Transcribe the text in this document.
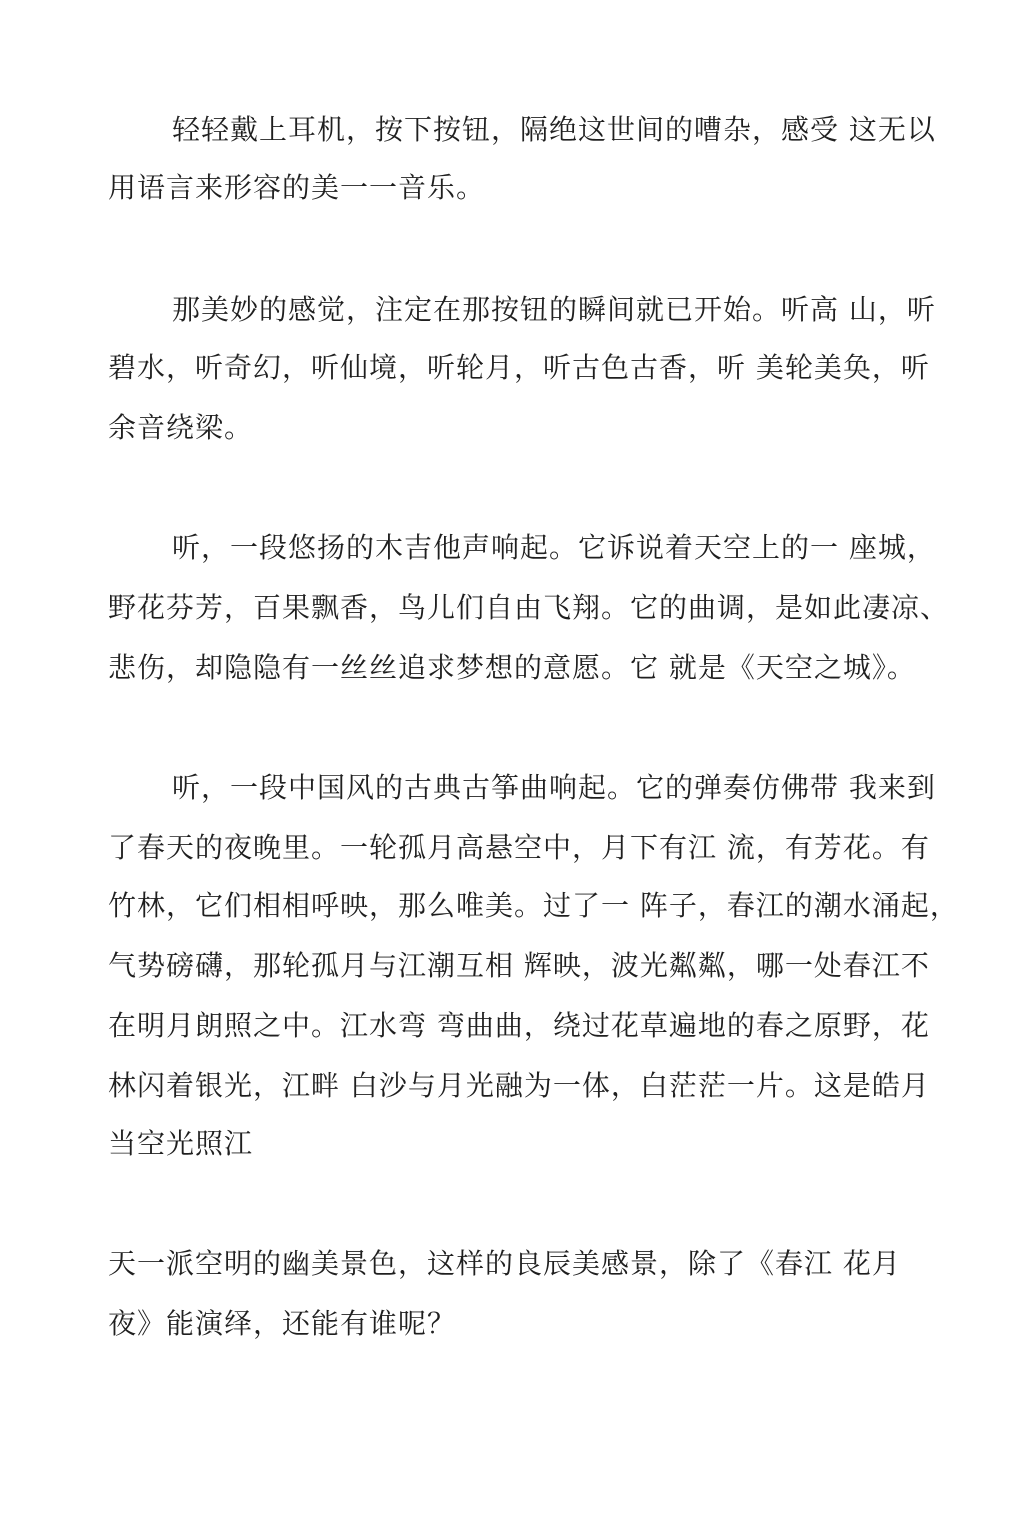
轻轻戴上耳机，按下按钮，隔绝这世间的嘈杂，感受 这无以
用语言来形容的美一一音乐。
那美妙的感觉，注定在那按钮的瞬间就已开始。听高 山，听
碧水，听奇幻，听仙境，听轮月，听古色古香，听 美轮美奂，听
余音绕梁。
听，一段悠扬的木吉他声响起。它诉说着天空上的一 座城，
野花芬芳，百果飘香，鸟儿们自由飞翔。它的曲调，是如此凄凉、
悲伤，却隐隐有一丝丝追求梦想的意愿。它 就是《天空之城》。
听，一段中国风的古典古筝曲响起。它的弹奏仿佛带 我来到
了春天的夜晚里。一轮孤月高悬空中，月下有江 流，有芳花。有
竹林，它们相相呼映，那么唯美。过了一 阵子，春江的潮水涌起，
气势磅礴，那轮孤月与江潮互相 辉映，波光粼粼，哪一处春江不
在明月朗照之中。江水弯 弯曲曲，绕过花草遍地的春之原野，花
林闪着银光，江畔 白沙与月光融为一体，白茫茫一片。这是皓月
当空光照江
天一派空明的幽美景色，这样的良辰美感景，除了《春江 花月
夜》能演绎，还能有谁呢？
